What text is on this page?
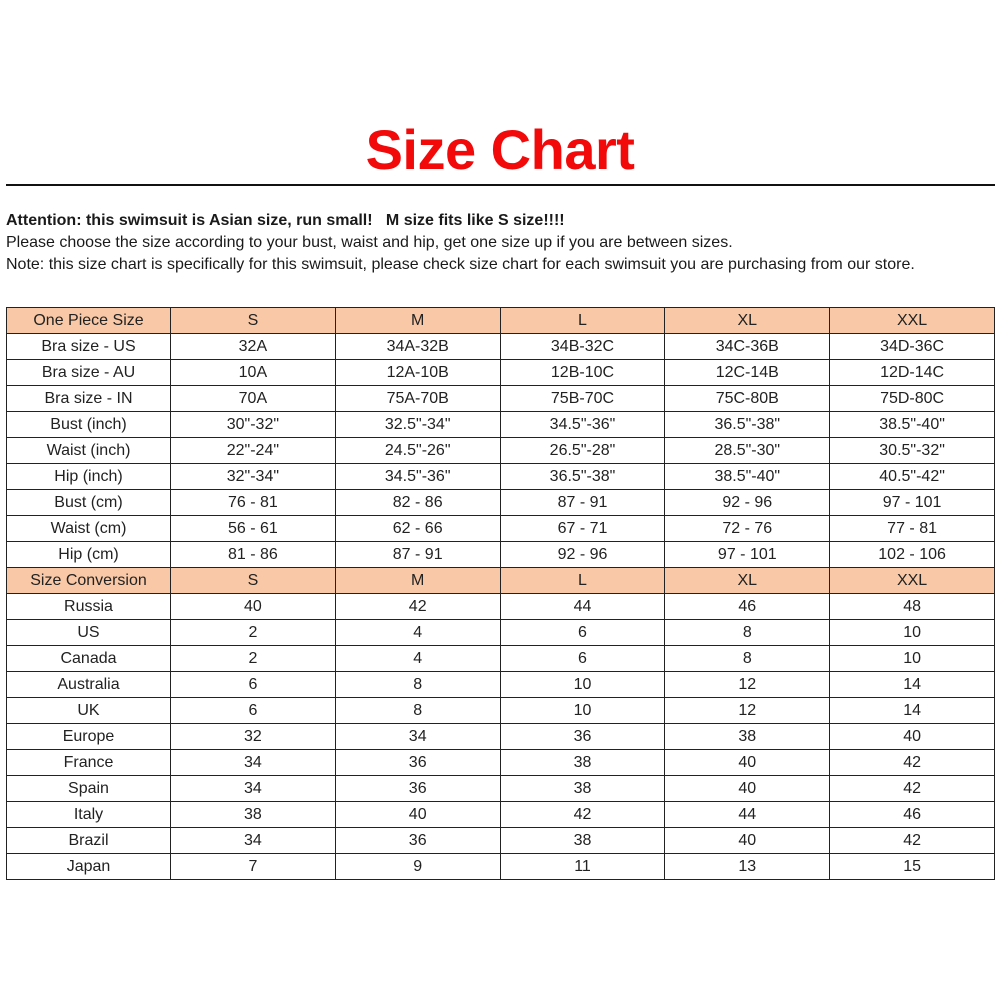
Size Chart
Attention: this swimsuit is Asian size, run small!   M size fits like S size!!!!
Please choose the size according to your bust, waist and hip, get one size up if you are between sizes.
Note: this size chart is specifically for this swimsuit, please check size chart for each swimsuit you are purchasing from our store.
One Piece Size	S	M	L	XL	XXL
Bra size - US	32A	34A-32B	34B-32C	34C-36B	34D-36C
Bra size - AU	10A	12A-10B	12B-10C	12C-14B	12D-14C
Bra size - IN	70A	75A-70B	75B-70C	75C-80B	75D-80C
Bust (inch)	30"-32"	32.5"-34"	34.5"-36"	36.5"-38"	38.5"-40"
Waist (inch)	22"-24"	24.5"-26"	26.5"-28"	28.5"-30"	30.5"-32"
Hip (inch)	32"-34"	34.5"-36"	36.5"-38"	38.5"-40"	40.5"-42"
Bust (cm)	76 - 81	82 - 86	87 - 91	92 - 96	97 - 101
Waist (cm)	56 - 61	62 - 66	67 - 71	72 - 76	77 - 81
Hip (cm)	81 - 86	87 - 91	92 - 96	97 - 101	102 - 106
Size Conversion	S	M	L	XL	XXL
Russia	40	42	44	46	48
US	2	4	6	8	10
Canada	2	4	6	8	10
Australia	6	8	10	12	14
UK	6	8	10	12	14
Europe	32	34	36	38	40
France	34	36	38	40	42
Spain	34	36	38	40	42
Italy	38	40	42	44	46
Brazil	34	36	38	40	42
Japan	7	9	11	13	15
